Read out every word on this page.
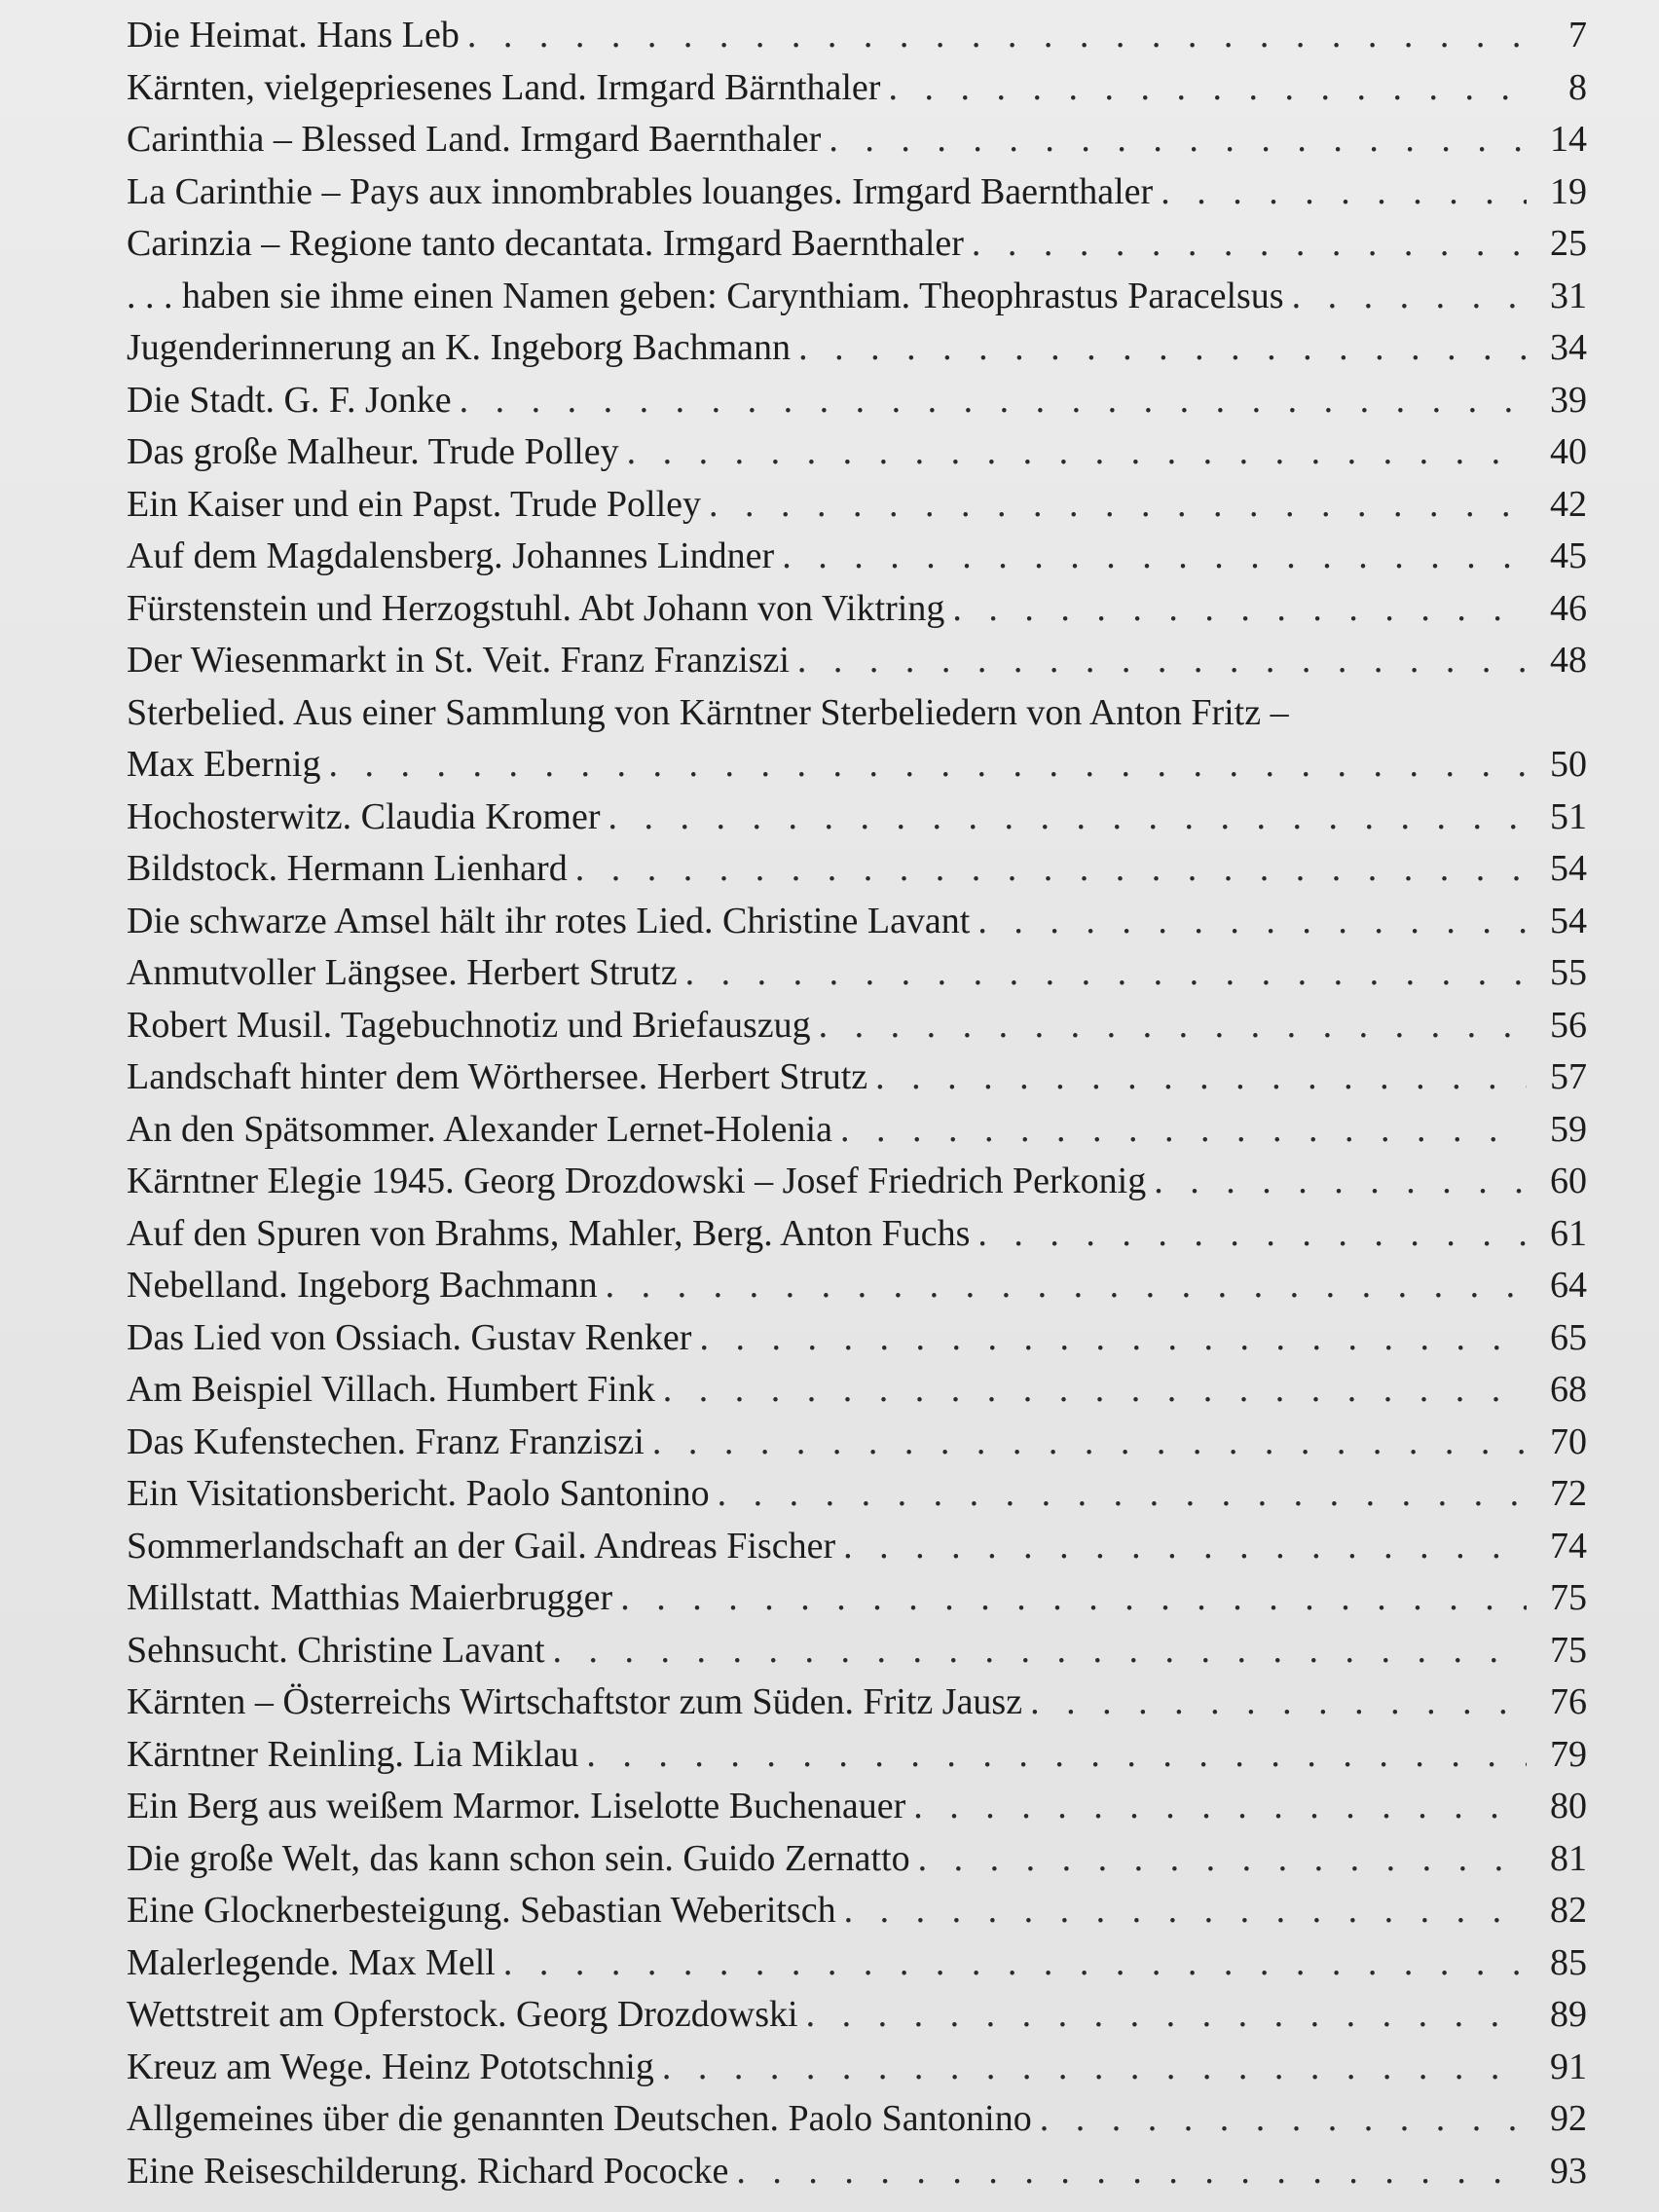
Die Heimat. Hans Leb . . .	7
Kärnten, vielgepriesenes Land. Irmgard Bärnthaler . . .	8
Carinthia – Blessed Land. Irmgard Baernthaler . . .	14
La Carinthie – Pays aux innombrables louanges. Irmgard Baernthaler . . .	19
Carinzia – Regione tanto decantata. Irmgard Baernthaler . . .	25
. . . haben sie ihme einen Namen geben: Carynthiam. Theophrastus Paracelsus . . .	31
Jugenderinnerung an K. Ingeborg Bachmann . . .	34
Die Stadt. G. F. Jonke . . .	39
Das große Malheur. Trude Polley . . .	40
Ein Kaiser und ein Papst. Trude Polley . . .	42
Auf dem Magdalensberg. Johannes Lindner . . .	45
Fürstenstein und Herzogstuhl. Abt Johann von Viktring . . .	46
Der Wiesenmarkt in St. Veit. Franz Franziszi . . .	48
Sterbelied. Aus einer Sammlung von Kärntner Sterbeliedern von Anton Fritz –
Max Ebernig . . .	50
Hochosterwitz. Claudia Kromer . . .	51
Bildstock. Hermann Lienhard . . .	54
Die schwarze Amsel hält ihr rotes Lied. Christine Lavant . . .	54
Anmutvoller Längsee. Herbert Strutz . . .	55
Robert Musil. Tagebuchnotiz und Briefauszug . . .	56
Landschaft hinter dem Wörthersee. Herbert Strutz . . .	57
An den Spätsommer. Alexander Lernet-Holenia . . .	59
Kärntner Elegie 1945. Georg Drozdowski – Josef Friedrich Perkonig . . .	60
Auf den Spuren von Brahms, Mahler, Berg. Anton Fuchs . . .	61
Nebelland. Ingeborg Bachmann . . .	64
Das Lied von Ossiach. Gustav Renker . . .	65
Am Beispiel Villach. Humbert Fink . . .	68
Das Kufenstechen. Franz Franziszi . . .	70
Ein Visitationsbericht. Paolo Santonino . . .	72
Sommerlandschaft an der Gail. Andreas Fischer . . .	74
Millstatt. Matthias Maierbrugger . . .	75
Sehnsucht. Christine Lavant . . .	75
Kärnten – Österreichs Wirtschaftstor zum Süden. Fritz Jausz . . .	76
Kärntner Reinling. Lia Miklau . . .	79
Ein Berg aus weißem Marmor. Liselotte Buchenauer . . .	80
Die große Welt, das kann schon sein. Guido Zernatto . . .	81
Eine Glocknerbesteigung. Sebastian Weberitsch . . .	82
Malerlegende. Max Mell . . .	85
Wettstreit am Opferstock. Georg Drozdowski . . .	89
Kreuz am Wege. Heinz Pototschnig . . .	91
Allgemeines über die genannten Deutschen. Paolo Santonino . . .	92
Eine Reiseschilderung. Richard Pococke . . .	93
